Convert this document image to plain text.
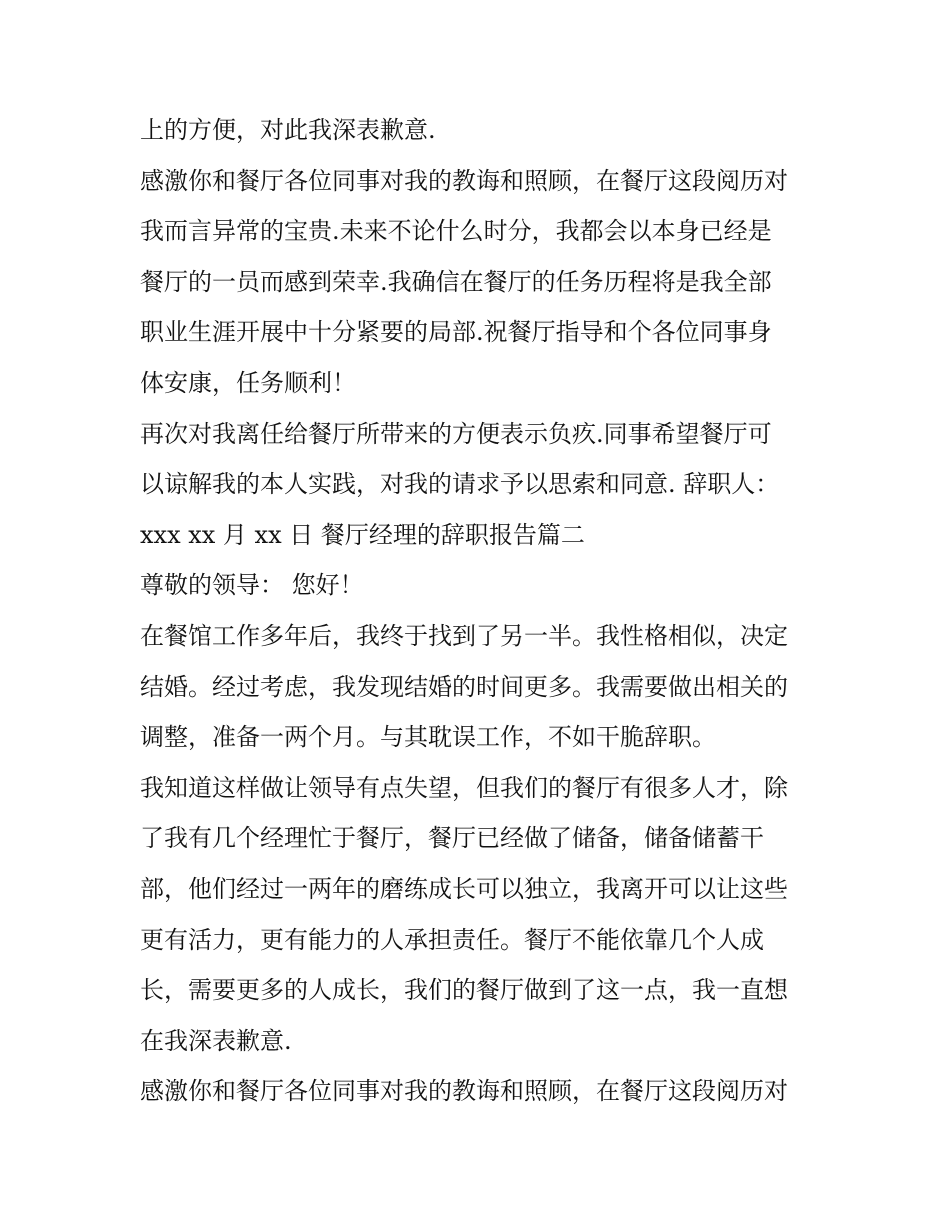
上的方便，对此我深表歉意.
感激你和餐厅各位同事对我的教诲和照顾，在餐厅这段阅历对
我而言异常的宝贵.未来不论什么时分，我都会以本身已经是
餐厅的一员而感到荣幸.我确信在餐厅的任务历程将是我全部
职业生涯开展中十分紧要的局部.祝餐厅指导和个各位同事身
体安康，任务顺利！
再次对我离任给餐厅所带来的方便表示负疚.同事希望餐厅可
以谅解我的本人实践，对我的请求予以思索和同意. 辞职人：
xxx xx 月 xx 日 餐厅经理的辞职报告篇二
尊敬的领导： 您好！
在餐馆工作多年后，我终于找到了另一半。我性格相似，决定
结婚。经过考虑，我发现结婚的时间更多。我需要做出相关的
调整，准备一两个月。与其耽误工作，不如干脆辞职。
我知道这样做让领导有点失望，但我们的餐厅有很多人才，除
了我有几个经理忙于餐厅，餐厅已经做了储备，储备储蓄干
部，他们经过一两年的磨练成长可以独立，我离开可以让这些
更有活力，更有能力的人承担责任。餐厅不能依靠几个人成
长，需要更多的人成长，我们的餐厅做到了这一点，我一直想
在我深表歉意.
感激你和餐厅各位同事对我的教诲和照顾，在餐厅这段阅历对
